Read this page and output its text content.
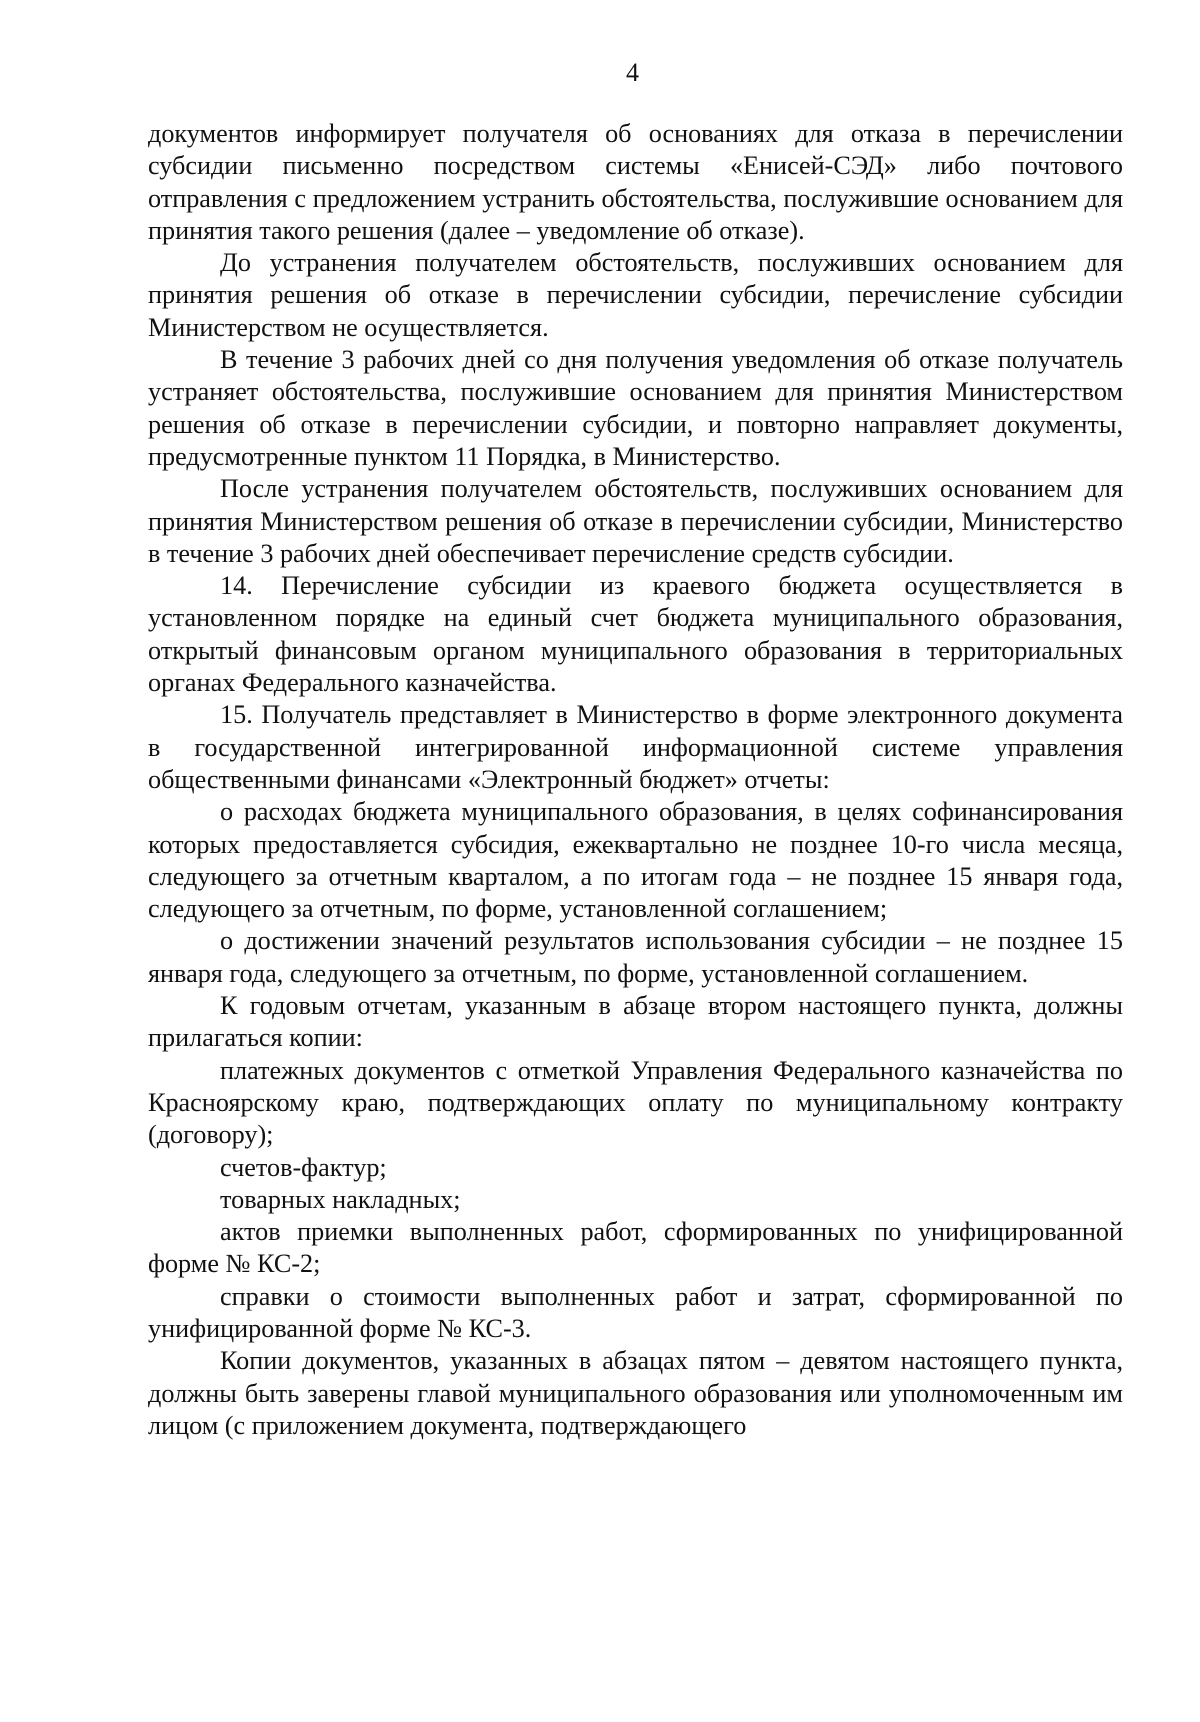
4

документов информирует получателя об основаниях для отказа в перечислении субсидии письменно посредством системы «Енисей-СЭД» либо почтового отправления с предложением устранить обстоятельства, послужившие основанием для принятия такого решения (далее – уведомление об отказе).

До устранения получателем обстоятельств, послуживших основанием для принятия решения об отказе в перечислении субсидии, перечисление субсидии Министерством не осуществляется.

В течение 3 рабочих дней со дня получения уведомления об отказе получатель устраняет обстоятельства, послужившие основанием для принятия Министерством решения об отказе в перечислении субсидии, и повторно направляет документы, предусмотренные пунктом 11 Порядка, в Министерство.

После устранения получателем обстоятельств, послуживших основанием для принятия Министерством решения об отказе в перечислении субсидии, Министерство в течение 3 рабочих дней обеспечивает перечисление средств субсидии.

14. Перечисление субсидии из краевого бюджета осуществляется в установленном порядке на единый счет бюджета муниципального образования, открытый финансовым органом муниципального образования в территориальных органах Федерального казначейства.

15. Получатель представляет в Министерство в форме электронного документа в государственной интегрированной информационной системе управления общественными финансами «Электронный бюджет» отчеты:

о расходах бюджета муниципального образования, в целях софинансирования которых предоставляется субсидия, ежеквартально не позднее 10-го числа месяца, следующего за отчетным кварталом, а по итогам года – не позднее 15 января года, следующего за отчетным, по форме, установленной соглашением;

о достижении значений результатов использования субсидии – не позднее 15 января года, следующего за отчетным, по форме, установленной соглашением.

К годовым отчетам, указанным в абзаце втором настоящего пункта, должны прилагаться копии:

платежных документов с отметкой Управления Федерального казначейства по Красноярскому краю, подтверждающих оплату по муниципальному контракту (договору);

счетов-фактур;

товарных накладных;

актов приемки выполненных работ, сформированных по унифицированной форме № КС-2;

справки о стоимости выполненных работ и затрат, сформированной по унифицированной форме № КС-3.

Копии документов, указанных в абзацах пятом – девятом настоящего пункта, должны быть заверены главой муниципального образования или уполномоченным им лицом (с приложением документа, подтверждающего
